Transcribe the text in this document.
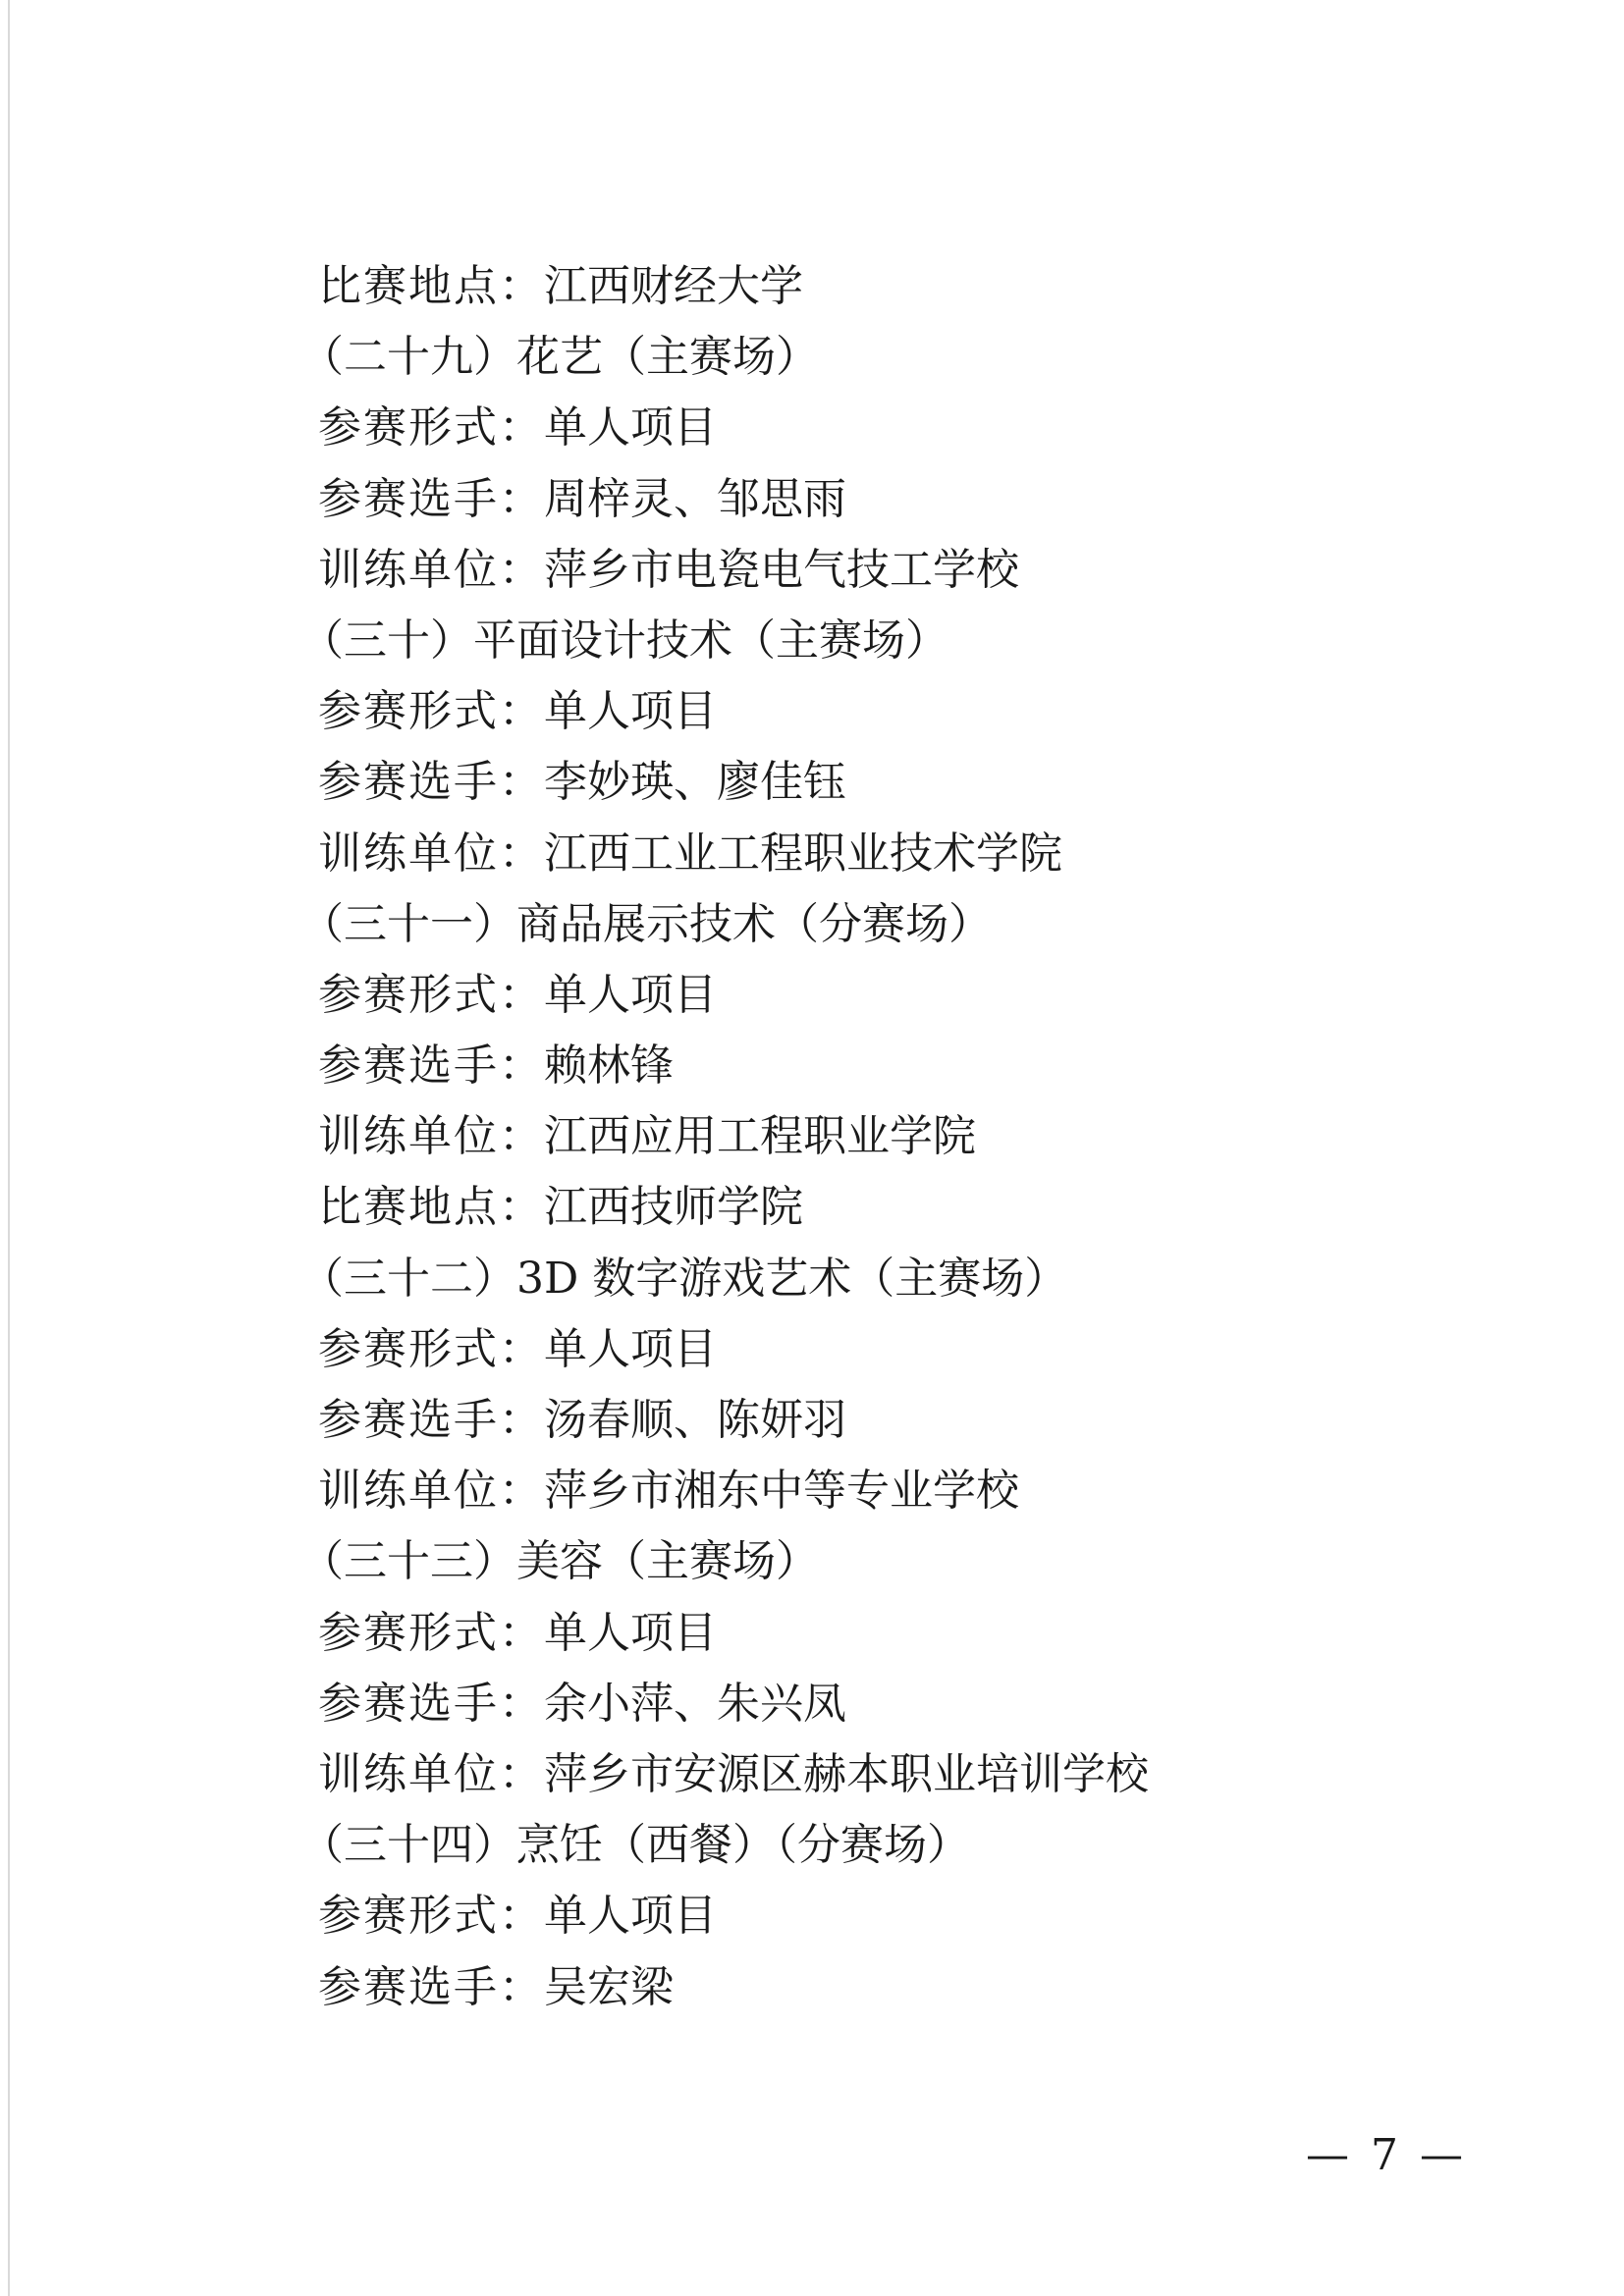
比赛地点：江西财经大学
（二十九）花艺（主赛场）
参赛形式：单人项目
参赛选手：周梓灵、邹思雨
训练单位：萍乡市电瓷电气技工学校
（三十）平面设计技术（主赛场）
参赛形式：单人项目
参赛选手：李妙瑛、廖佳钰
训练单位：江西工业工程职业技术学院
（三十一）商品展示技术（分赛场）
参赛形式：单人项目
参赛选手：赖林锋
训练单位：江西应用工程职业学院
比赛地点：江西技师学院
（三十二）3D 数字游戏艺术（主赛场）
参赛形式：单人项目
参赛选手：汤春顺、陈妍羽
训练单位：萍乡市湘东中等专业学校
（三十三）美容（主赛场）
参赛形式：单人项目
参赛选手：余小萍、朱兴凤
训练单位：萍乡市安源区赫本职业培训学校
（三十四）烹饪（西餐）（分赛场）
参赛形式：单人项目
参赛选手：吴宏梁
— 7 —
